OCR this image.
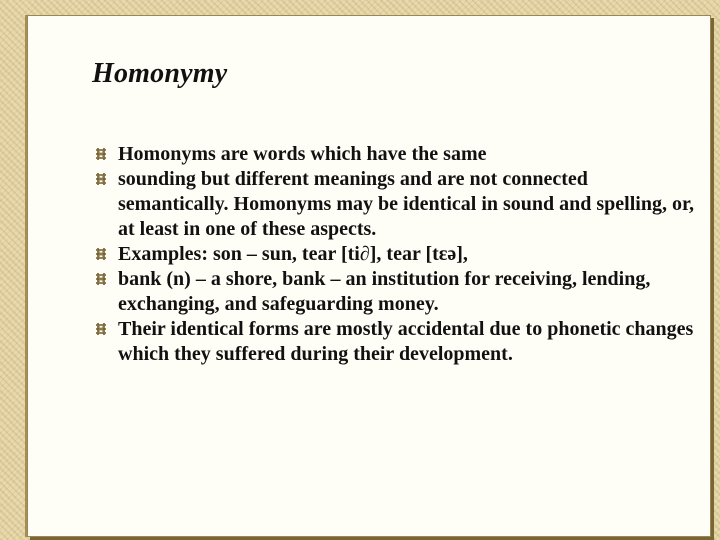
Homonymy
Homonyms are words which have the same
sounding but different meanings and are not connected semantically. Homonyms may be identical in sound and spelling, or, at least in one of these aspects.
Examples: son – sun, tear [ti∂], tear [tɛə],
bank (n) – a shore, bank – an institution for receiving, lending, exchanging, and safeguarding money.
Their identical forms are mostly accidental due to phonetic changes which they suffered during their development.
